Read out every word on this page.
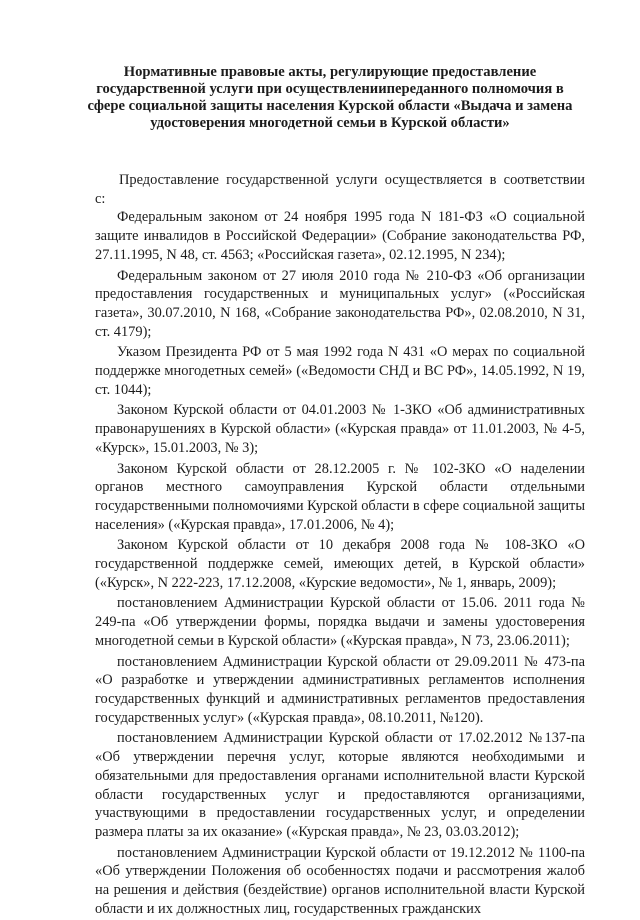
Нормативные правовые акты, регулирующие предоставление государственной услуги при осуществлениипереданного полномочия в сфере социальной защиты населения Курской области «Выдача и замена удостоверения многодетной семьи в Курской области»

Предоставление государственной услуги осуществляется в соответствии с:

Федеральным законом от 24 ноября 1995 года N 181-ФЗ «О социальной защите инвалидов в Российской Федерации» (Собрание законодательства РФ, 27.11.1995, N 48, ст. 4563; «Российская газета», 02.12.1995, N 234);

Федеральным законом от 27 июля 2010 года № 210-ФЗ «Об организации предоставления государственных и муниципальных услуг» («Российская газета», 30.07.2010, N 168, «Собрание законодательства РФ», 02.08.2010, N 31, ст. 4179);

Указом Президента РФ от 5 мая 1992 года N 431 «О мерах по социальной поддержке многодетных семей» («Ведомости СНД и ВС РФ», 14.05.1992, N 19, ст. 1044);

Законом Курской области от 04.01.2003 № 1-ЗКО «Об административных правонарушениях в Курской области» («Курская правда» от 11.01.2003, № 4-5, «Курск», 15.01.2003, № 3);

Законом Курской области от 28.12.2005 г. № 102-ЗКО «О наделении органов местного самоуправления Курской области отдельными государственными полномочиями Курской области в сфере социальной защиты населения» («Курская правда», 17.01.2006, № 4);

Законом Курской области от 10 декабря 2008 года № 108-ЗКО «О государственной поддержке семей, имеющих детей, в Курской области» («Курск», N 222-223, 17.12.2008, «Курские ведомости», № 1, январь, 2009);

постановлением Администрации Курской области от 15.06. 2011 года № 249-па «Об утверждении формы, порядка выдачи и замены удостоверения многодетной семьи в Курской области» («Курская правда», N 73, 23.06.2011);

постановлением Администрации Курской области от 29.09.2011 № 473-па «О разработке и утверждении административных регламентов исполнения государственных функций и административных регламентов предоставления государственных услуг» («Курская правда», 08.10.2011, №120).

постановлением Администрации Курской области от 17.02.2012 №137-па «Об утверждении перечня услуг, которые являются необходимыми и обязательными для предоставления органами исполнительной власти Курской области государственных услуг и предоставляются организациями, участвующими в предоставлении государственных услуг, и определении размера платы за их оказание» («Курская правда», № 23, 03.03.2012);

постановлением Администрации Курской области от 19.12.2012 № 1100-па «Об утверждении Положения об особенностях подачи и рассмотрения жалоб на решения и действия (бездействие) органов исполнительной власти Курской области и их должностных лиц, государственных гражданских
